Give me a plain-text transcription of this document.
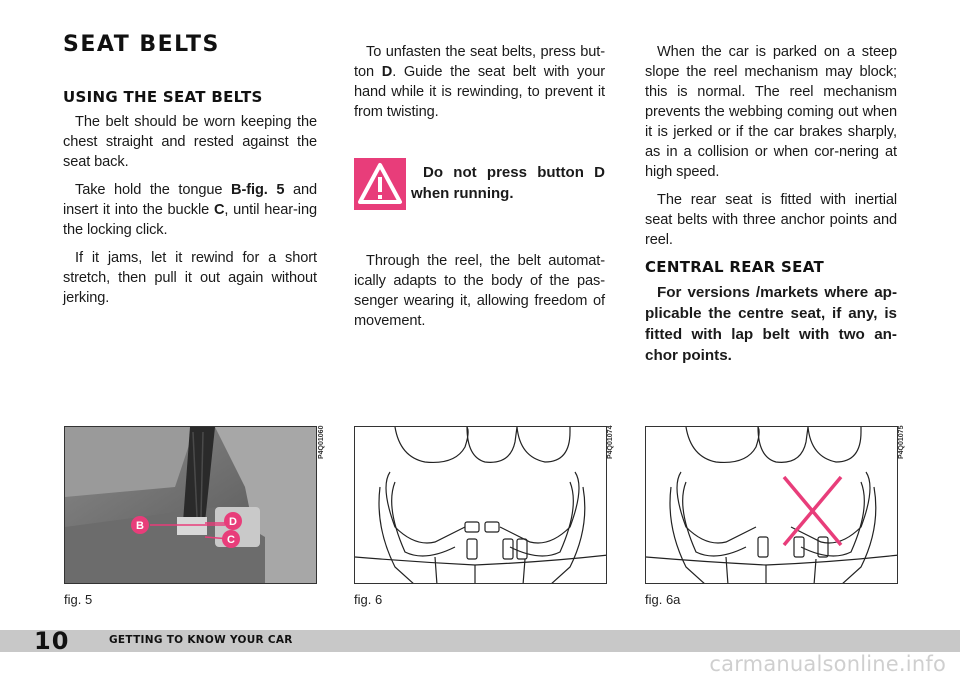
SEAT BELTS
USING THE SEAT BELTS

The belt should be worn keeping the chest straight and rested against the seat back.

Take hold the tongue B-fig. 5 and insert it into the buckle C, until hear-ing the locking click.

If it jams, let it rewind for a short stretch, then pull it out again without jerking.

To unfasten the seat belts, press but-ton D. Guide the seat belt with your hand while it is rewinding, to prevent it from twisting.

Do not press button D when running.

Through the reel, the belt automat-ically adapts to the body of the pas-senger wearing it, allowing freedom of movement.

When the car is parked on a steep slope the reel mechanism may block; this is normal. The reel mechanism prevents the webbing coming out when it is jerked or if the car brakes sharply, as in a collision or when cor-nering at high speed.

The rear seat is fitted with inertial seat belts with three anchor points and reel.

CENTRAL REAR SEAT

For versions /markets where ap-plicable the centre seat, if any, is fitted with lap belt with two an-chor points.

B	D
C
P4Q01060
fig. 5
P4Q01074
fig. 6
P4Q01075
fig. 6a
10	GETTING TO KNOW YOUR CAR
carmanualsonline.info
